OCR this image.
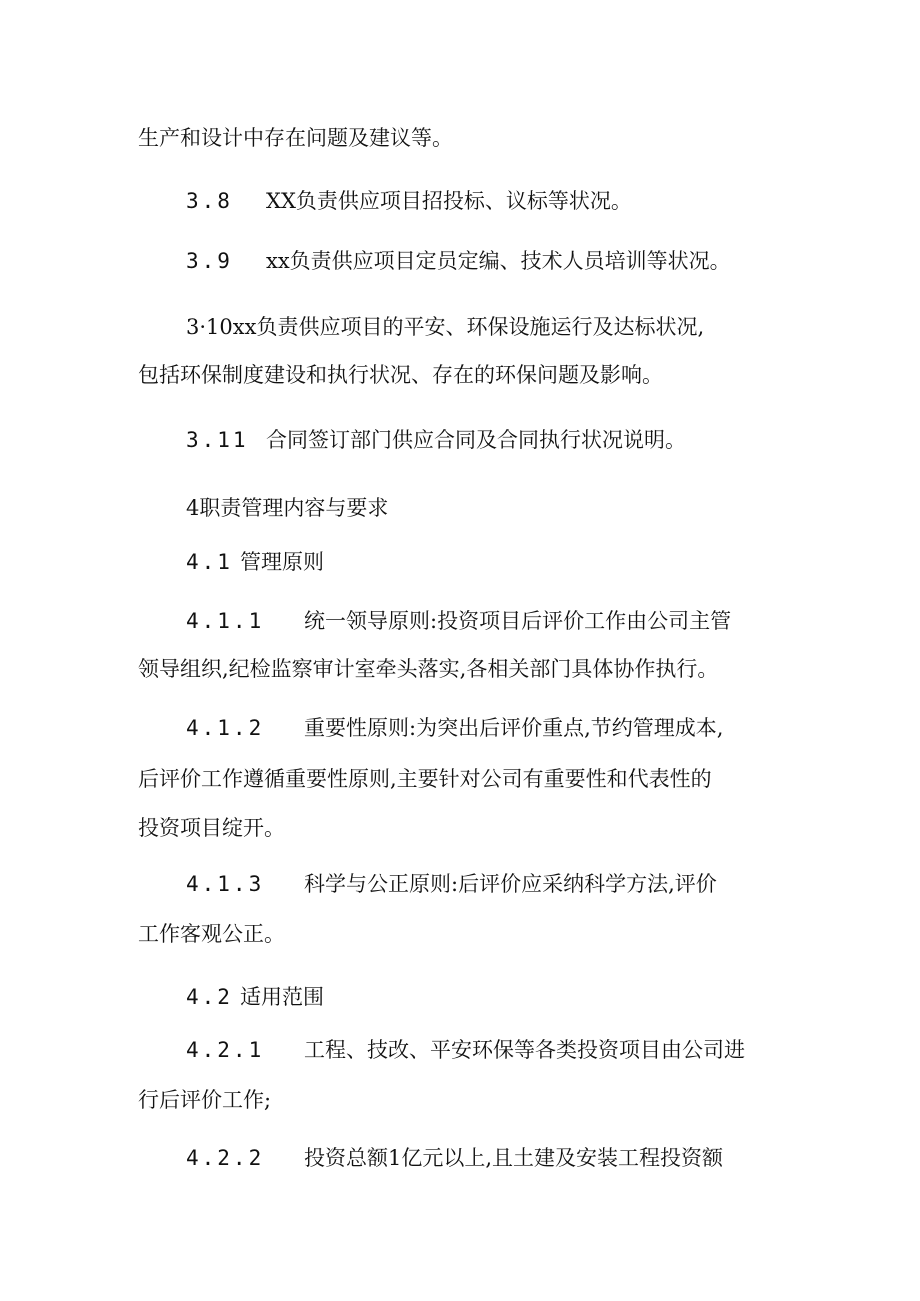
生产和设计中存在问题及建议等。
3.8 XX负责供应项目招投标、议标等状况。
3.9 xx负责供应项目定员定编、技术人员培训等状况。
3·10xx负责供应项目的平安、环保设施运行及达标状况,
包括环保制度建设和执行状况、存在的环保问题及影响。
3.11 合同签订部门供应合同及合同执行状况说明。
4职责管理内容与要求
4.1 管理原则
4.1.1 统一领导原则:投资项目后评价工作由公司主管
领导组织,纪检监察审计室牵头落实,各相关部门具体协作执行。
4.1.2 重要性原则:为突出后评价重点,节约管理成本,
后评价工作遵循重要性原则,主要针对公司有重要性和代表性的
投资项目绽开。
4.1.3 科学与公正原则:后评价应采纳科学方法,评价
工作客观公正。
4.2 适用范围
4.2.1 工程、技改、平安环保等各类投资项目由公司进
行后评价工作;
4.2.2 投资总额1亿元以上,且土建及安装工程投资额
